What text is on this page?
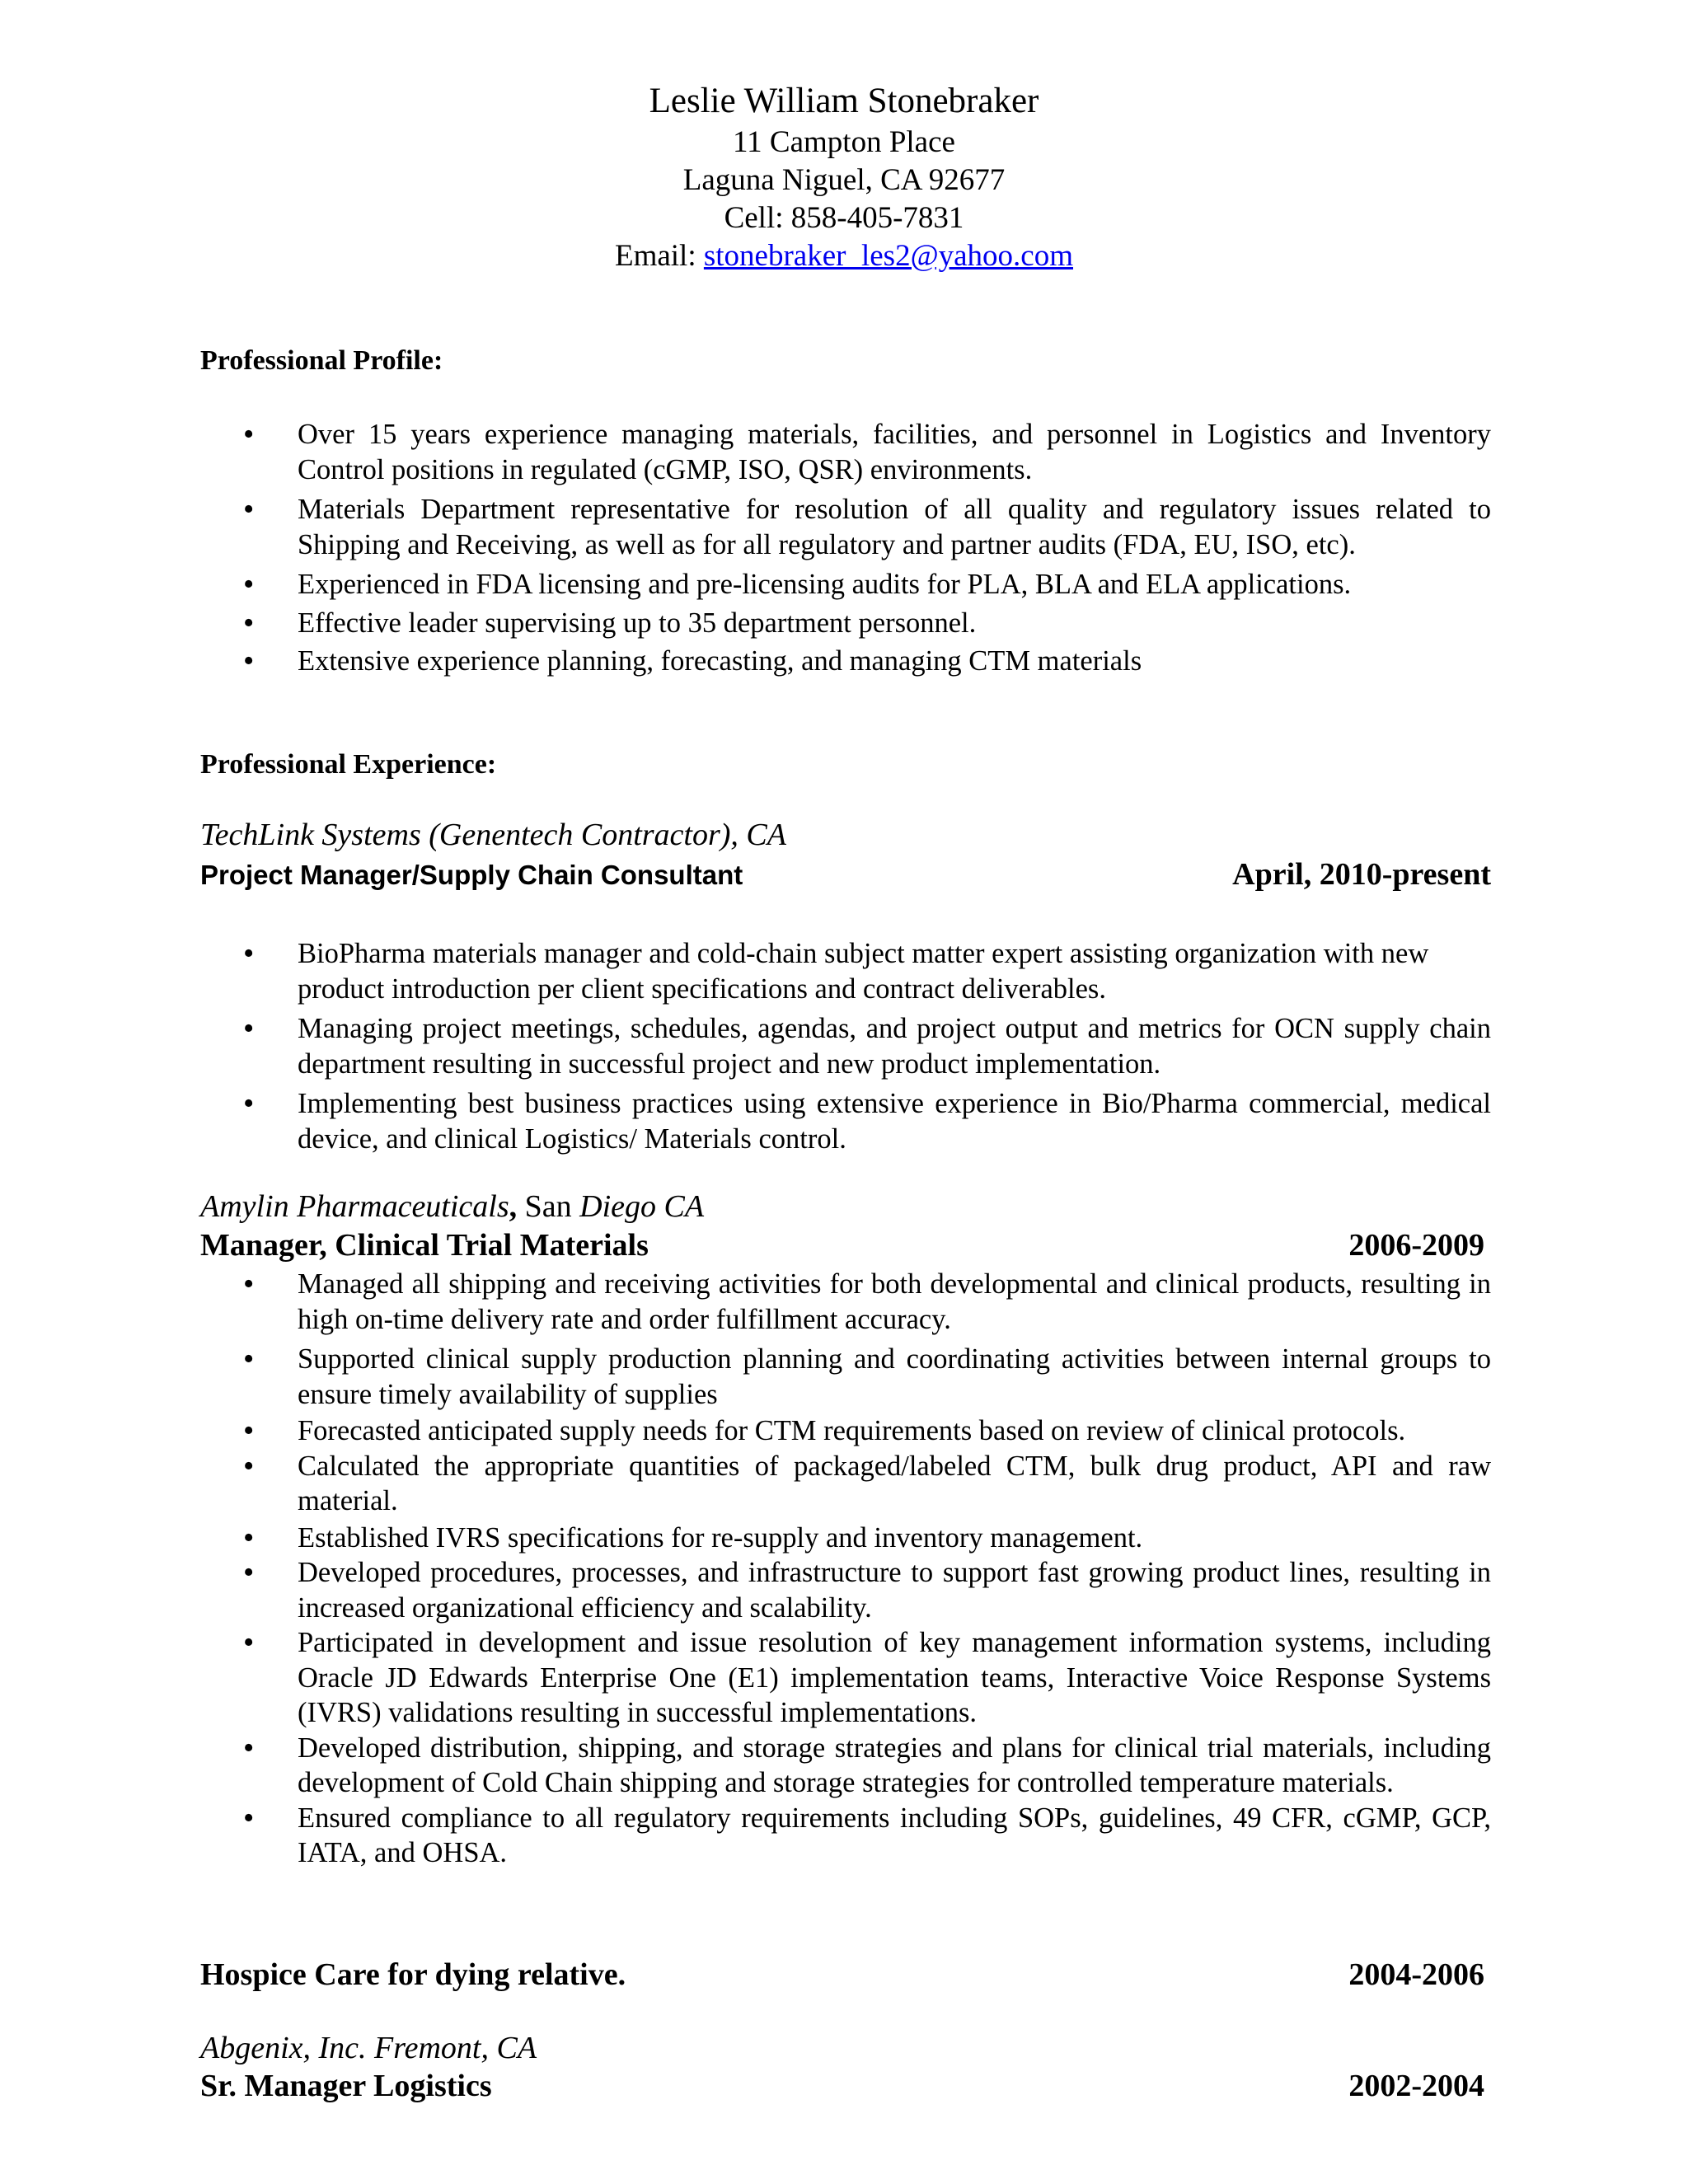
Leslie William Stonebraker
11 Campton Place
Laguna Niguel, CA 92677
Cell: 858-405-7831
Email: stonebraker_les2@yahoo.com
Professional Profile:
• Over 15 years experience managing materials, facilities, and personnel in Logistics and Inventory Control positions in regulated (cGMP, ISO, QSR) environments.
• Materials Department representative for resolution of all quality and regulatory issues related to Shipping and Receiving, as well as for all regulatory and partner audits (FDA, EU, ISO, etc).
• Experienced in FDA licensing and pre-licensing audits for PLA, BLA and ELA applications.
• Effective leader supervising up to 35 department personnel.
• Extensive experience planning, forecasting, and managing CTM materials
Professional Experience:
TechLink Systems (Genentech Contractor), CA
Project Manager/Supply Chain Consultant	April, 2010-present
• BioPharma materials manager and cold-chain subject matter expert assisting organization with new product introduction per client specifications and contract deliverables.
• Managing project meetings, schedules, agendas, and project output and metrics for OCN supply chain department resulting in successful project and new product implementation.
• Implementing best business practices using extensive experience in Bio/Pharma commercial, medical device, and clinical Logistics/ Materials control.
Amylin Pharmaceuticals, San Diego CA
Manager, Clinical Trial Materials	2006-2009
• Managed all shipping and receiving activities for both developmental and clinical products, resulting in high on-time delivery rate and order fulfillment accuracy.
• Supported clinical supply production planning and coordinating activities between internal groups to ensure timely availability of supplies
• Forecasted anticipated supply needs for CTM requirements based on review of clinical protocols.
• Calculated the appropriate quantities of packaged/labeled CTM, bulk drug product, API and raw material.
• Established IVRS specifications for re-supply and inventory management.
• Developed procedures, processes, and infrastructure to support fast growing product lines, resulting in increased organizational efficiency and scalability.
• Participated in development and issue resolution of key management information systems, including Oracle JD Edwards Enterprise One (E1) implementation teams, Interactive Voice Response Systems (IVRS) validations resulting in successful implementations.
• Developed distribution, shipping, and storage strategies and plans for clinical trial materials, including development of Cold Chain shipping and storage strategies for controlled temperature materials.
• Ensured compliance to all regulatory requirements including SOPs, guidelines, 49 CFR, cGMP, GCP, IATA, and OHSA.
Hospice Care for dying relative.	2004-2006
Abgenix, Inc. Fremont, CA
Sr. Manager Logistics	2002-2004
